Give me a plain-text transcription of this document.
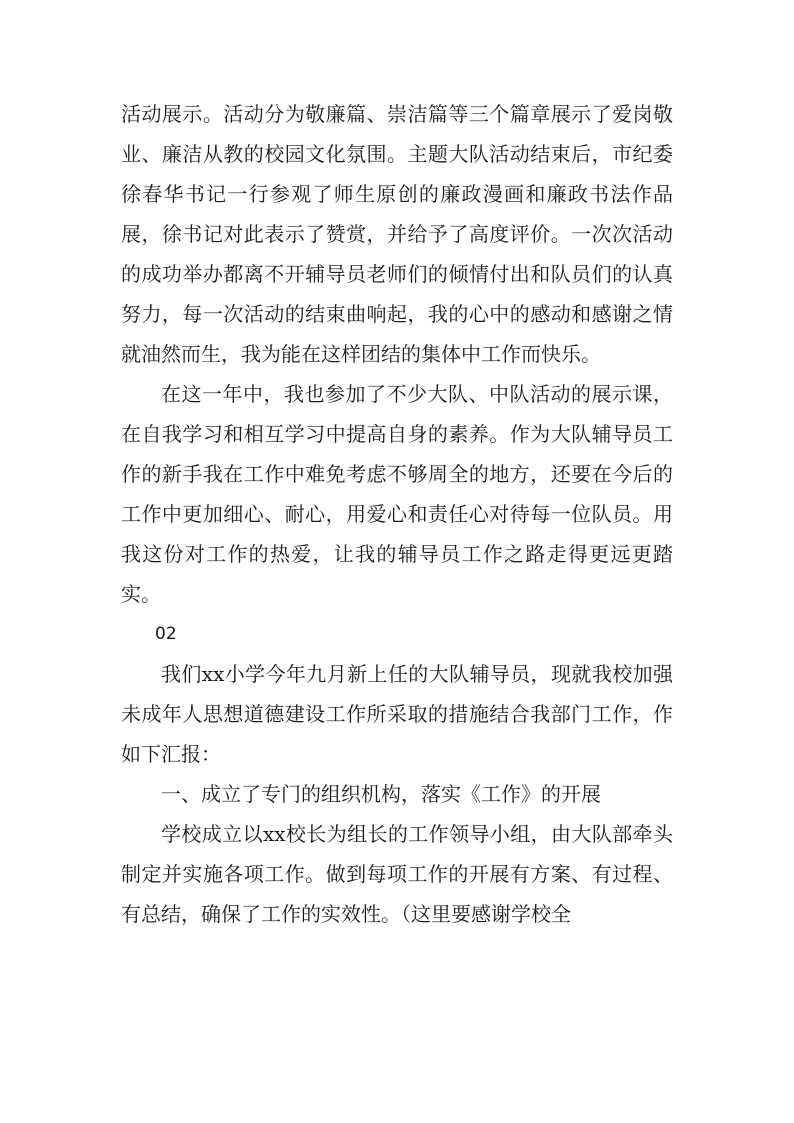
活动展示。活动分为敬廉篇、崇洁篇等三个篇章展示了爱岗敬业、廉洁从教的校园文化氛围。主题大队活动结束后，市纪委徐春华书记一行参观了师生原创的廉政漫画和廉政书法作品展，徐书记对此表示了赞赏，并给予了高度评价。一次次活动的成功举办都离不开辅导员老师们的倾情付出和队员们的认真努力，每一次活动的结束曲响起，我的心中的感动和感谢之情就油然而生，我为能在这样团结的集体中工作而快乐。

在这一年中，我也参加了不少大队、中队活动的展示课，在自我学习和相互学习中提高自身的素养。作为大队辅导员工作的新手我在工作中难免考虑不够周全的地方，还要在今后的工作中更加细心、耐心，用爱心和责任心对待每一位队员。用我这份对工作的热爱，让我的辅导员工作之路走得更远更踏实。

02

我们xx小学今年九月新上任的大队辅导员，现就我校加强未成年人思想道德建设工作所采取的措施结合我部门工作，作如下汇报：

一、成立了专门的组织机构，落实《工作》的开展

学校成立以xx校长为组长的工作领导小组，由大队部牵头制定并实施各项工作。做到每项工作的开展有方案、有过程、有总结，确保了工作的实效性。（这里要感谢学校全
